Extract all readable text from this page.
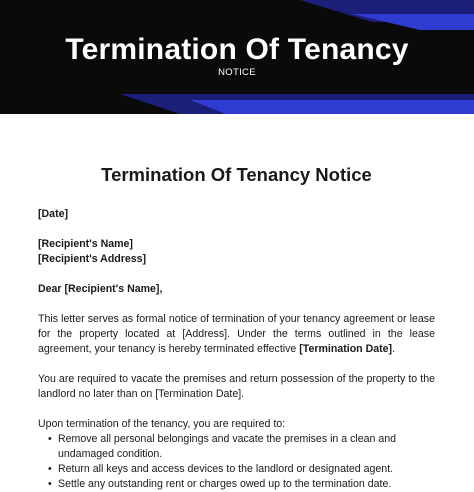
Termination Of Tenancy
NOTICE
Termination Of Tenancy Notice

[Date]

[Recipient's Name]

[Recipient's Address]

Dear [Recipient's Name],

This letter serves as formal notice of termination of your tenancy agreement or lease for the property located at [Address]. Under the terms outlined in the lease agreement, your tenancy is hereby terminated effective [Termination Date].

You are required to vacate the premises and return possession of the property to the landlord no later than on [Termination Date].

Upon termination of the tenancy, you are required to:

• Remove all personal belongings and vacate the premises in a clean and undamaged condition.
• Return all keys and access devices to the landlord or designated agent.
• Settle any outstanding rent or charges owed up to the termination date.
